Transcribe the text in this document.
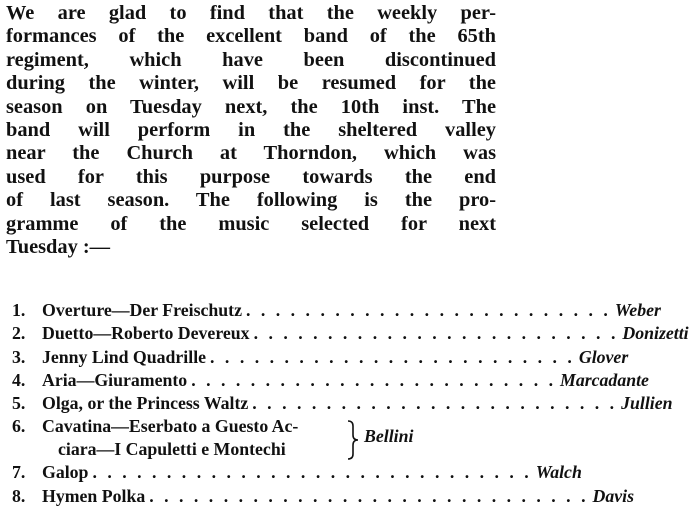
We are glad to find that the weekly per-
formances of the excellent band of the 65th
regiment, which have been discontinued
during the winter, will be resumed for the
season on Tuesday next, the 10th inst. The
band will perform in the sheltered valley
near the Church at Thorndon, which was
used for this purpose towards the end
of last season. The following is the pro-
gramme of the music selected for next
Tuesday :—
1. Overture—Der Freischutz . . . . . . . . . . . . . . . . . . . . . . . . . Weber
2. Duetto—Roberto Devereux . . . . . . . . . . . . . . . . . . . . . . . . . Donizetti
3. Jenny Lind Quadrille . . . . . . . . . . . . . . . . . . . . . . . . . Glover
4. Aria—Giuramento . . . . . . . . . . . . . . . . . . . . . . . . . Marcadante
5. Olga, or the Princess Waltz . . . . . . . . . . . . . . . . . . . . . . . . . Jullien
6. Cavatina—Eserbato a Guesto Ac-
ciara—I Capuletti e Montechi
Bellini
7. Galop . . . . . . . . . . . . . . . . . . . . . . . . . . . . . . Walch
8. Hymen Polka . . . . . . . . . . . . . . . . . . . . . . . . . . . . . . Davis
